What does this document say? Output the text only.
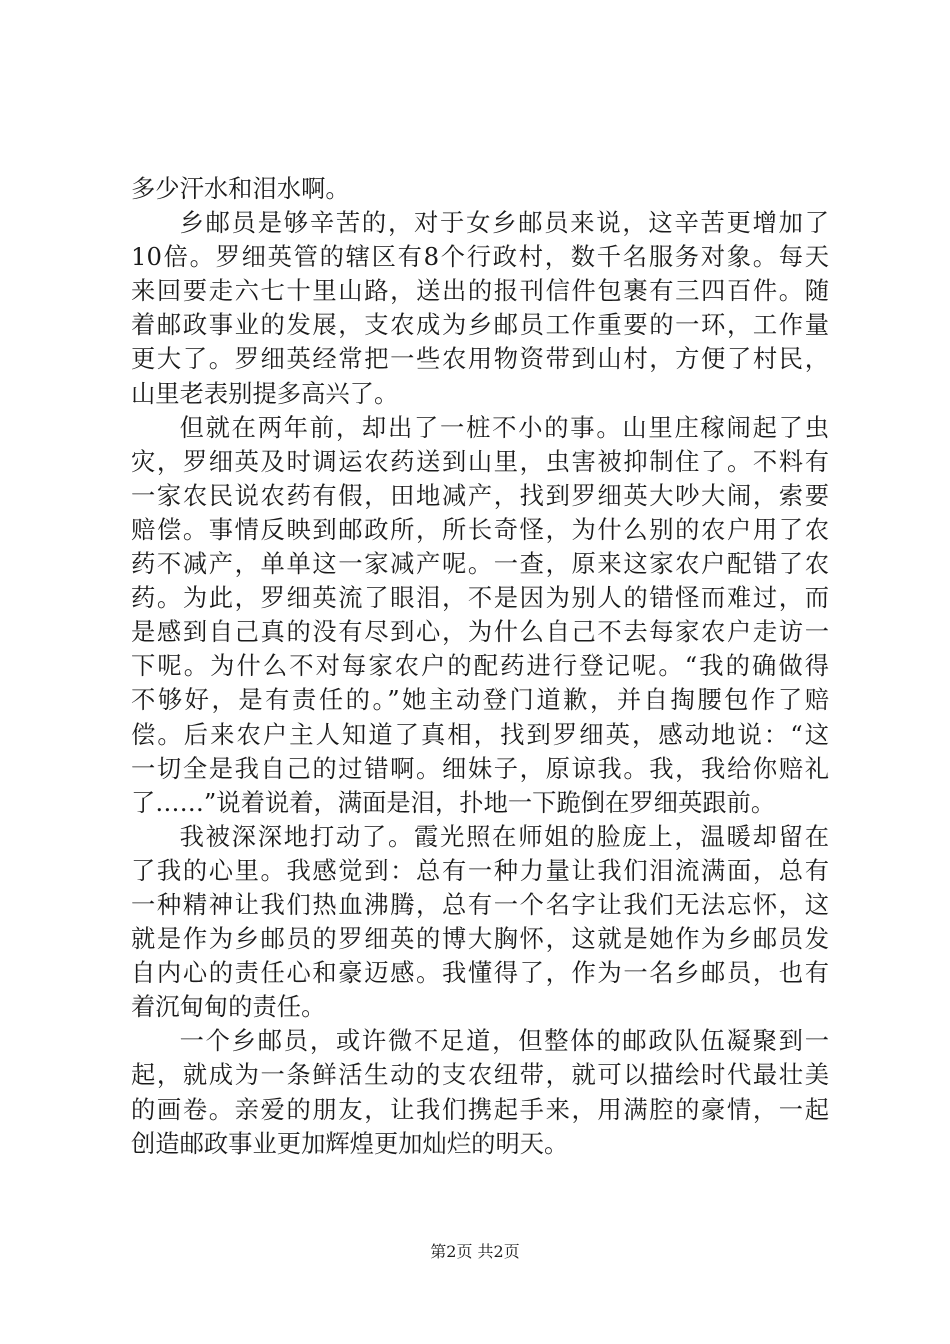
多少汗水和泪水啊。
乡邮员是够辛苦的，对于女乡邮员来说，这辛苦更增加了
10倍。罗细英管的辖区有8个行政村，数千名服务对象。每天
来回要走六七十里山路，送出的报刊信件包裹有三四百件。随
着邮政事业的发展，支农成为乡邮员工作重要的一环，工作量
更大了。罗细英经常把一些农用物资带到山村，方便了村民，
山里老表别提多高兴了。
但就在两年前，却出了一桩不小的事。山里庄稼闹起了虫
灾，罗细英及时调运农药送到山里，虫害被抑制住了。不料有
一家农民说农药有假，田地减产，找到罗细英大吵大闹，索要
赔偿。事情反映到邮政所，所长奇怪，为什么别的农户用了农
药不减产，单单这一家减产呢。一查，原来这家农户配错了农
药。为此，罗细英流了眼泪，不是因为别人的错怪而难过，而
是感到自己真的没有尽到心，为什么自己不去每家农户走访一
下呢。为什么不对每家农户的配药进行登记呢。“我的确做得
不够好，是有责任的。”她主动登门道歉，并自掏腰包作了赔
偿。后来农户主人知道了真相，找到罗细英，感动地说：“这
一切全是我自己的过错啊。细妹子，原谅我。我，我给你赔礼
了……”说着说着，满面是泪，扑地一下跪倒在罗细英跟前。
我被深深地打动了。霞光照在师姐的脸庞上，温暖却留在
了我的心里。我感觉到：总有一种力量让我们泪流满面，总有
一种精神让我们热血沸腾，总有一个名字让我们无法忘怀，这
就是作为乡邮员的罗细英的博大胸怀，这就是她作为乡邮员发
自内心的责任心和豪迈感。我懂得了，作为一名乡邮员，也有
着沉甸甸的责任。
一个乡邮员，或许微不足道，但整体的邮政队伍凝聚到一
起，就成为一条鲜活生动的支农纽带，就可以描绘时代最壮美
的画卷。亲爱的朋友，让我们携起手来，用满腔的豪情，一起
创造邮政事业更加辉煌更加灿烂的明天。
第2页 共2页
